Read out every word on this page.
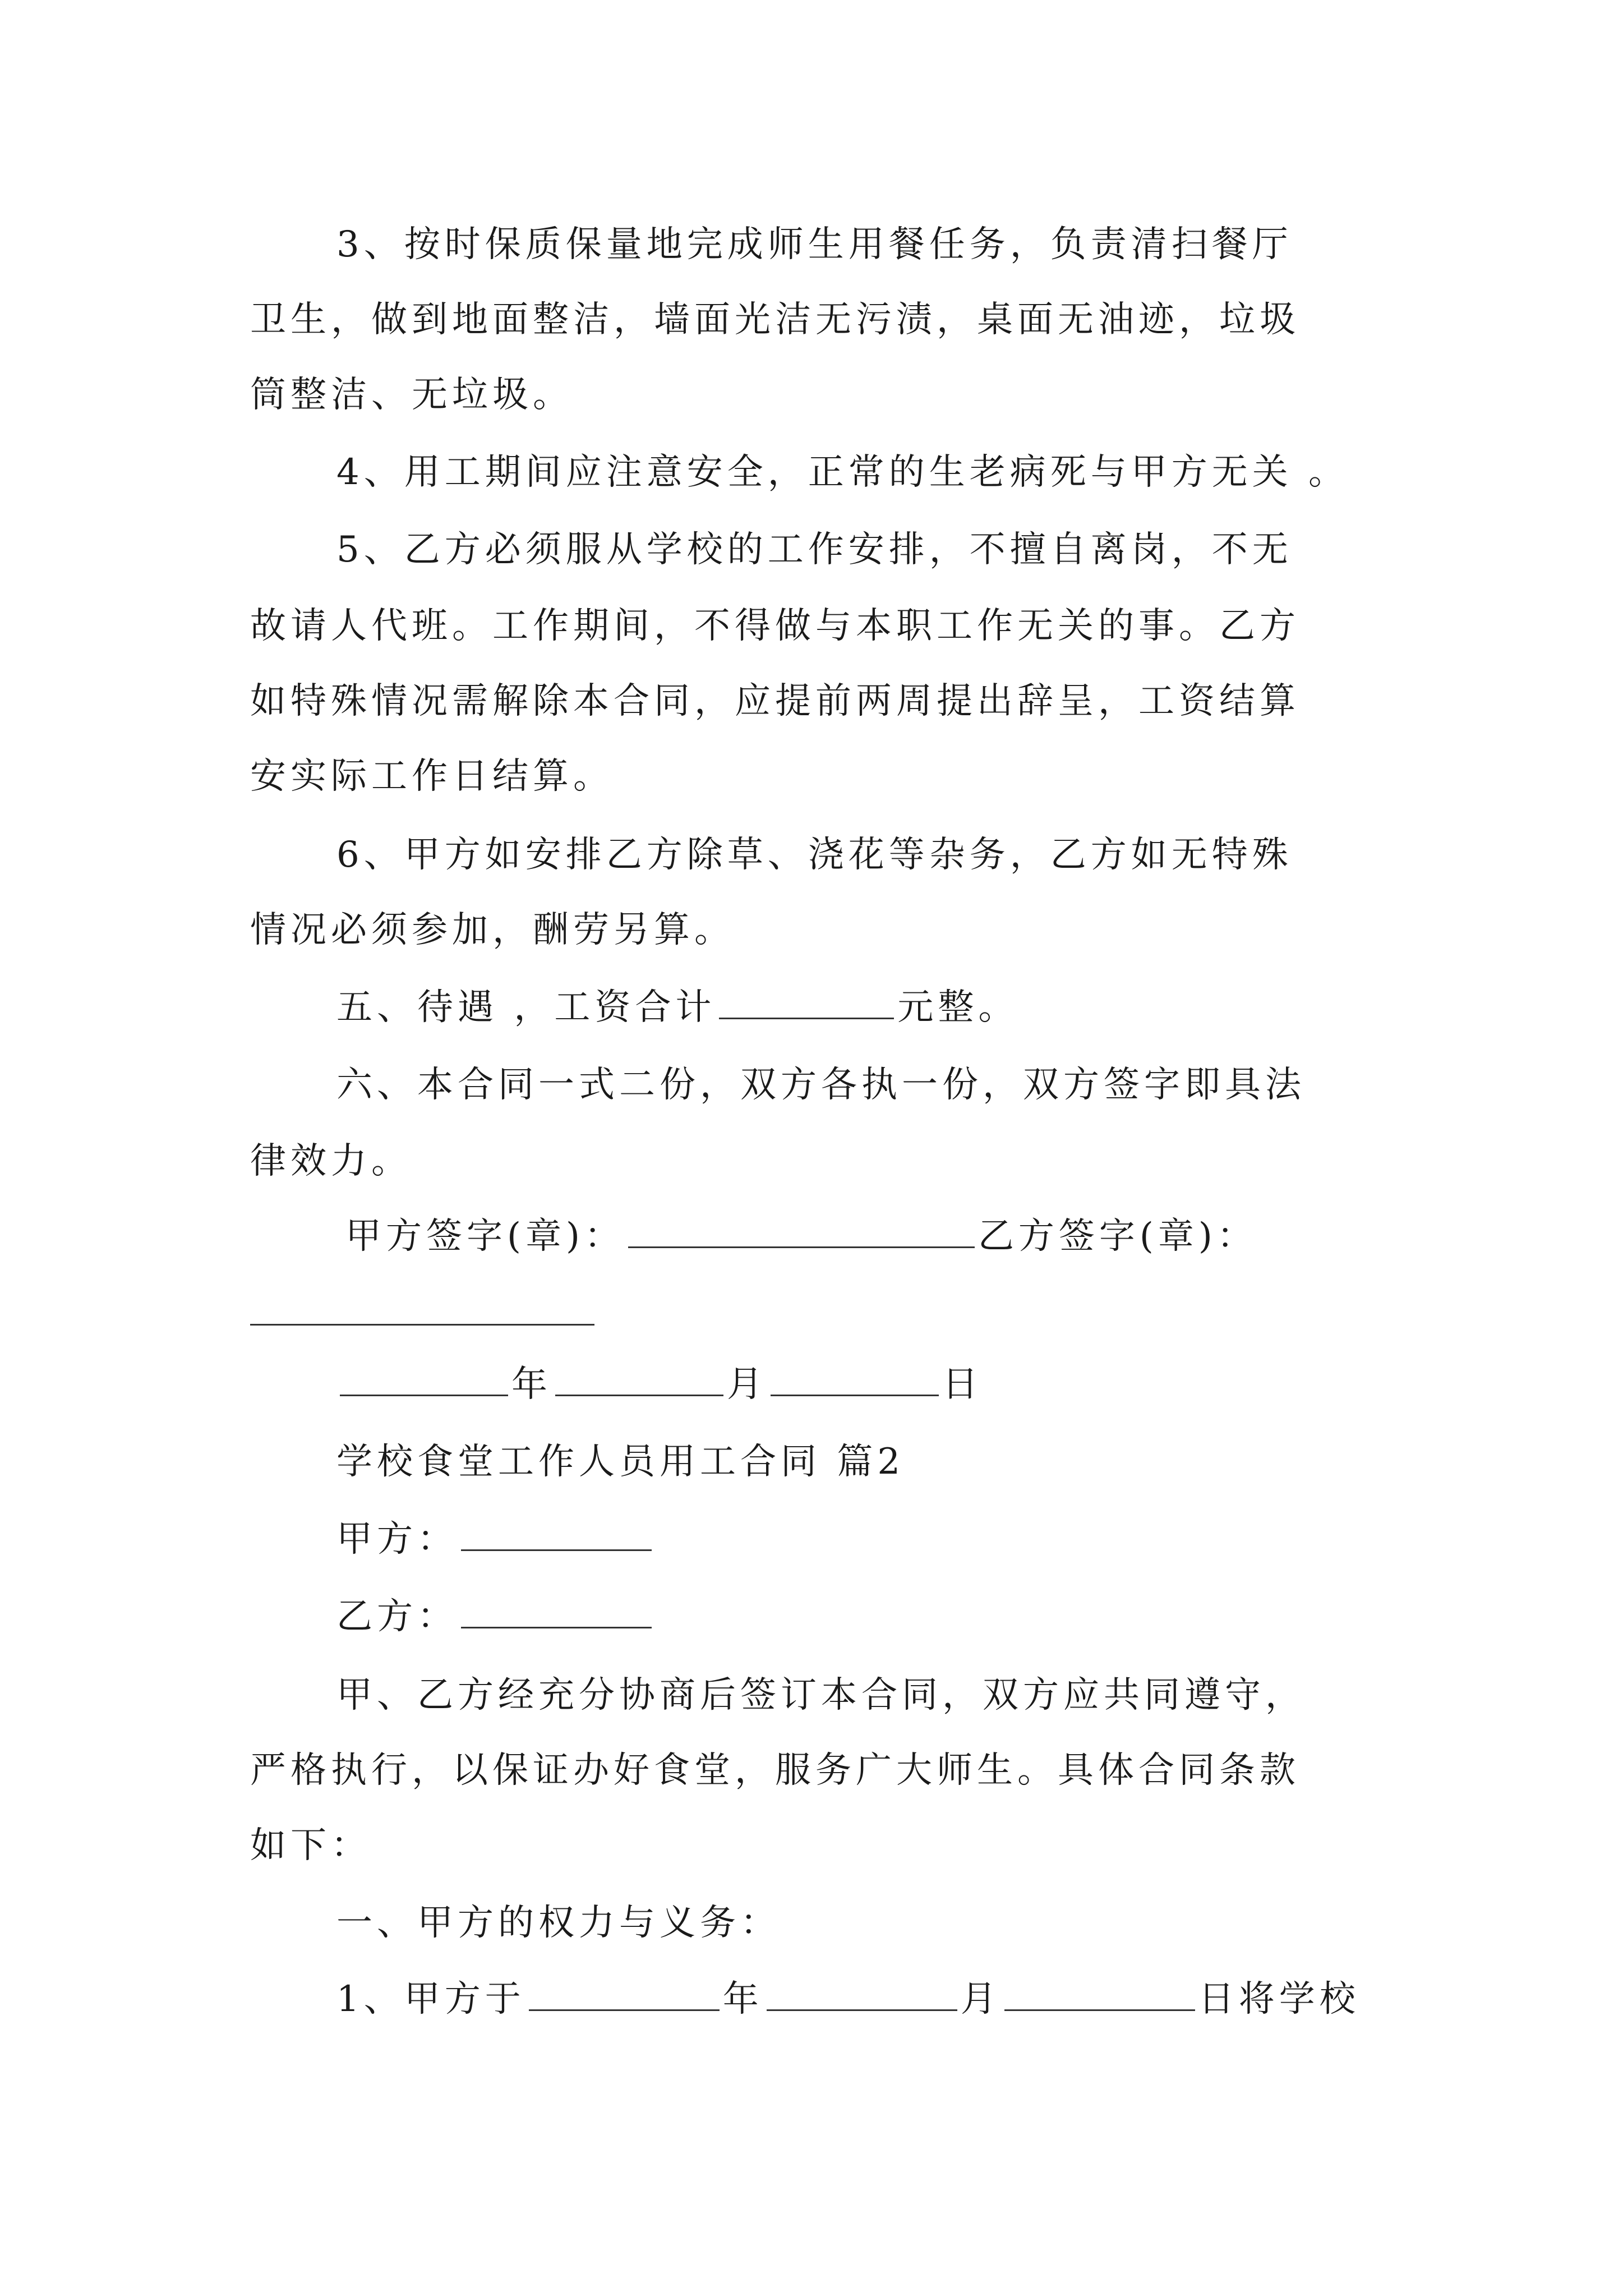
3、按时保质保量地完成师生用餐任务，负责清扫餐厅
卫生，做到地面整洁，墙面光洁无污渍，桌面无油迹，垃圾
筒整洁、无垃圾。
4、用工期间应注意安全，正常的生老病死与甲方无关 。
5、乙方必须服从学校的工作安排，不擅自离岗，不无
故请人代班。工作期间，不得做与本职工作无关的事。乙方
如特殊情况需解除本合同，应提前两周提出辞呈，工资结算
安实际工作日结算。
6、甲方如安排乙方除草、浇花等杂务，乙方如无特殊
情况必须参加，酬劳另算。
五、待遇 ，工资合计	元整。
六、本合同一式二份，双方各执一份，双方签字即具法
律效力。
甲方签字(章)：	乙方签字(章)：
年	月	日
学校食堂工作人员用工合同 篇2
甲方：
乙方：
甲、乙方经充分协商后签订本合同，双方应共同遵守，
严格执行，以保证办好食堂，服务广大师生。具体合同条款
如下：
一、甲方的权力与义务：
1、甲方于	年	月	日将学校
